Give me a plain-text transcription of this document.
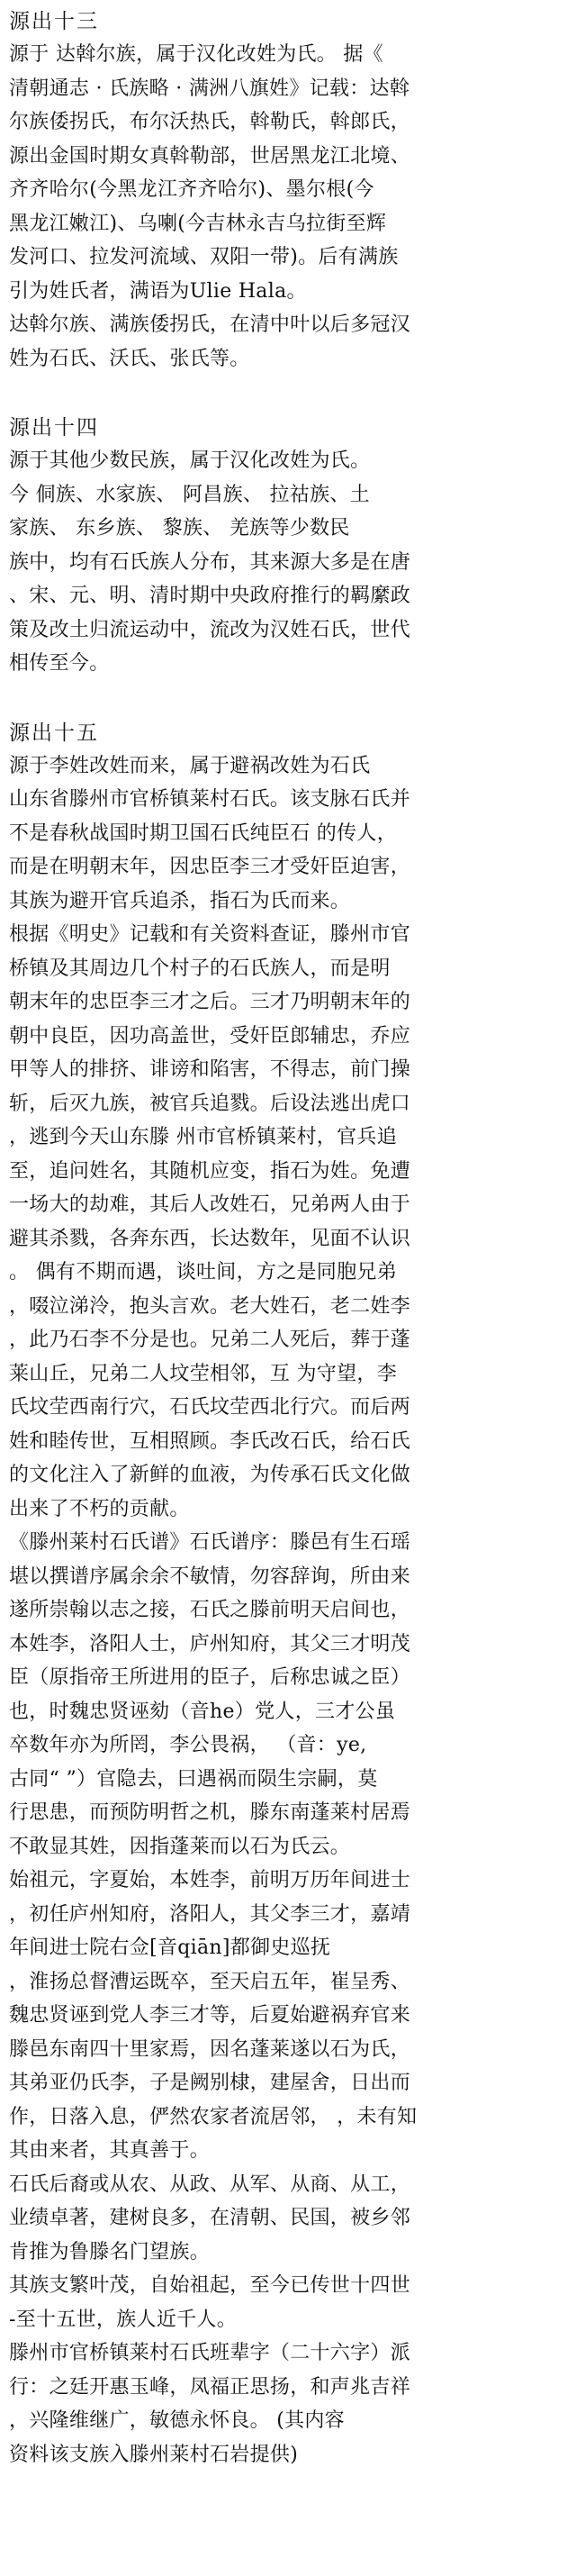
源出十三
源于 达斡尔族，属于汉化改姓为氏。 据《
清朝通志 · 氏族略 · 满洲八旗姓》记载：达斡
尔族倭拐氏，布尔沃热氏，斡勒氏，斡郎氏，
源出金国时期女真斡勒部，世居黑龙江北境、
齐齐哈尔(今黑龙江齐齐哈尔)、墨尔根(今
黑龙江嫩江)、乌喇(今吉林永吉乌拉街至辉
发河口、拉发河流域、双阳一带)。后有满族
引为姓氏者，满语为Ulie Hala。
达斡尔族、满族倭拐氏，在清中叶以后多冠汉
姓为石氏、沃氏、张氏等。
源出十四
源于其他少数民族，属于汉化改姓为氏。
今 侗族、水家族、 阿昌族、 拉祜族、土
家族、 东乡族、 黎族、 羌族等少数民
族中，均有石氏族人分布，其来源大多是在唐
、宋、元、明、清时期中央政府推行的羁縻政
策及改土归流运动中，流改为汉姓石氏，世代
相传至今。
源出十五
源于李姓改姓而来，属于避祸改姓为石氏
山东省滕州市官桥镇莱村石氏。该支脉石氏并
不是春秋战国时期卫国石氏纯臣石 的传人，
而是在明朝末年，因忠臣李三才受奸臣迫害，
其族为避开官兵追杀，指石为氏而来。
根据《明史》记载和有关资料查证，滕州市官
桥镇及其周边几个村子的石氏族人，而是明
朝末年的忠臣李三才之后。三才乃明朝末年的
朝中良臣，因功高盖世，受奸臣郎辅忠，乔应
甲等人的排挤、诽谤和陷害，不得志，前门操
斩，后灭九族，被官兵追戮。后设法逃出虎口
，逃到今天山东滕 州市官桥镇莱村，官兵追
至，追问姓名，其随机应变，指石为姓。免遭
一场大的劫难，其后人改姓石，兄弟两人由于
避其杀戮，各奔东西，长达数年，见面不认识
。 偶有不期而遇，谈吐间，方之是同胞兄弟
，啜泣涕泠，抱头言欢。老大姓石，老二姓李
，此乃石李不分是也。兄弟二人死后，葬于蓬
莱山丘，兄弟二人坟茔相邻，互 为守望，李
氏坟茔西南行穴，石氏坟茔西北行穴。而后两
姓和睦传世，互相照顾。李氏改石氏，给石氏
的文化注入了新鲜的血液，为传承石氏文化做
出来了不朽的贡献。
《滕州莱村石氏谱》石氏谱序：滕邑有生石瑶
堪以撰谱序属余余不敏情，勿容辞询，所由来
遂所崇翰以志之接，石氏之滕前明天启间也，
本姓李，洛阳人士，庐州知府，其父三才明茂
臣（原指帝王所进用的臣子，后称忠诚之臣）
也，时魏忠贤诬劾（音he）党人，三才公虽
卒数年亦为所罔，李公畏祸， （音：ye,
古同“ ”）官隐去，曰遇祸而陨生宗嗣，莫
行思患，而预防明哲之机，滕东南蓬莱村居焉
不敢显其姓，因指蓬莱而以石为氏云。
始祖元，字夏始，本姓李，前明万历年间进士
，初任庐州知府，洛阳人，其父李三才，嘉靖
年间进士院右佥[音qiān]都御史巡抚
，淮扬总督漕运既卒，至天启五年，崔呈秀、
魏忠贤诬到党人李三才等，后夏始避祸弃官来
滕邑东南四十里家焉，因名蓬莱遂以石为氏，
其弟亚仍氏李，子是阙别棣，建屋舍，日出而
作，日落入息，俨然农家者流居邻， ，未有知
其由来者，其真善于。
石氏后裔或从农、从政、从军、从商、从工，
业绩卓著，建树良多，在清朝、民国，被乡邻
肯推为鲁滕名门望族。
其族支繁叶茂，自始祖起，至今已传世十四世
-至十五世，族人近千人。
滕州市官桥镇莱村石氏班辈字（二十六字）派
行：之廷开惠玉峰，凤福正思扬，和声兆吉祥
，兴隆维继广，敏德永怀良。 (其内容
资料该支族入滕州莱村石岩提供)
